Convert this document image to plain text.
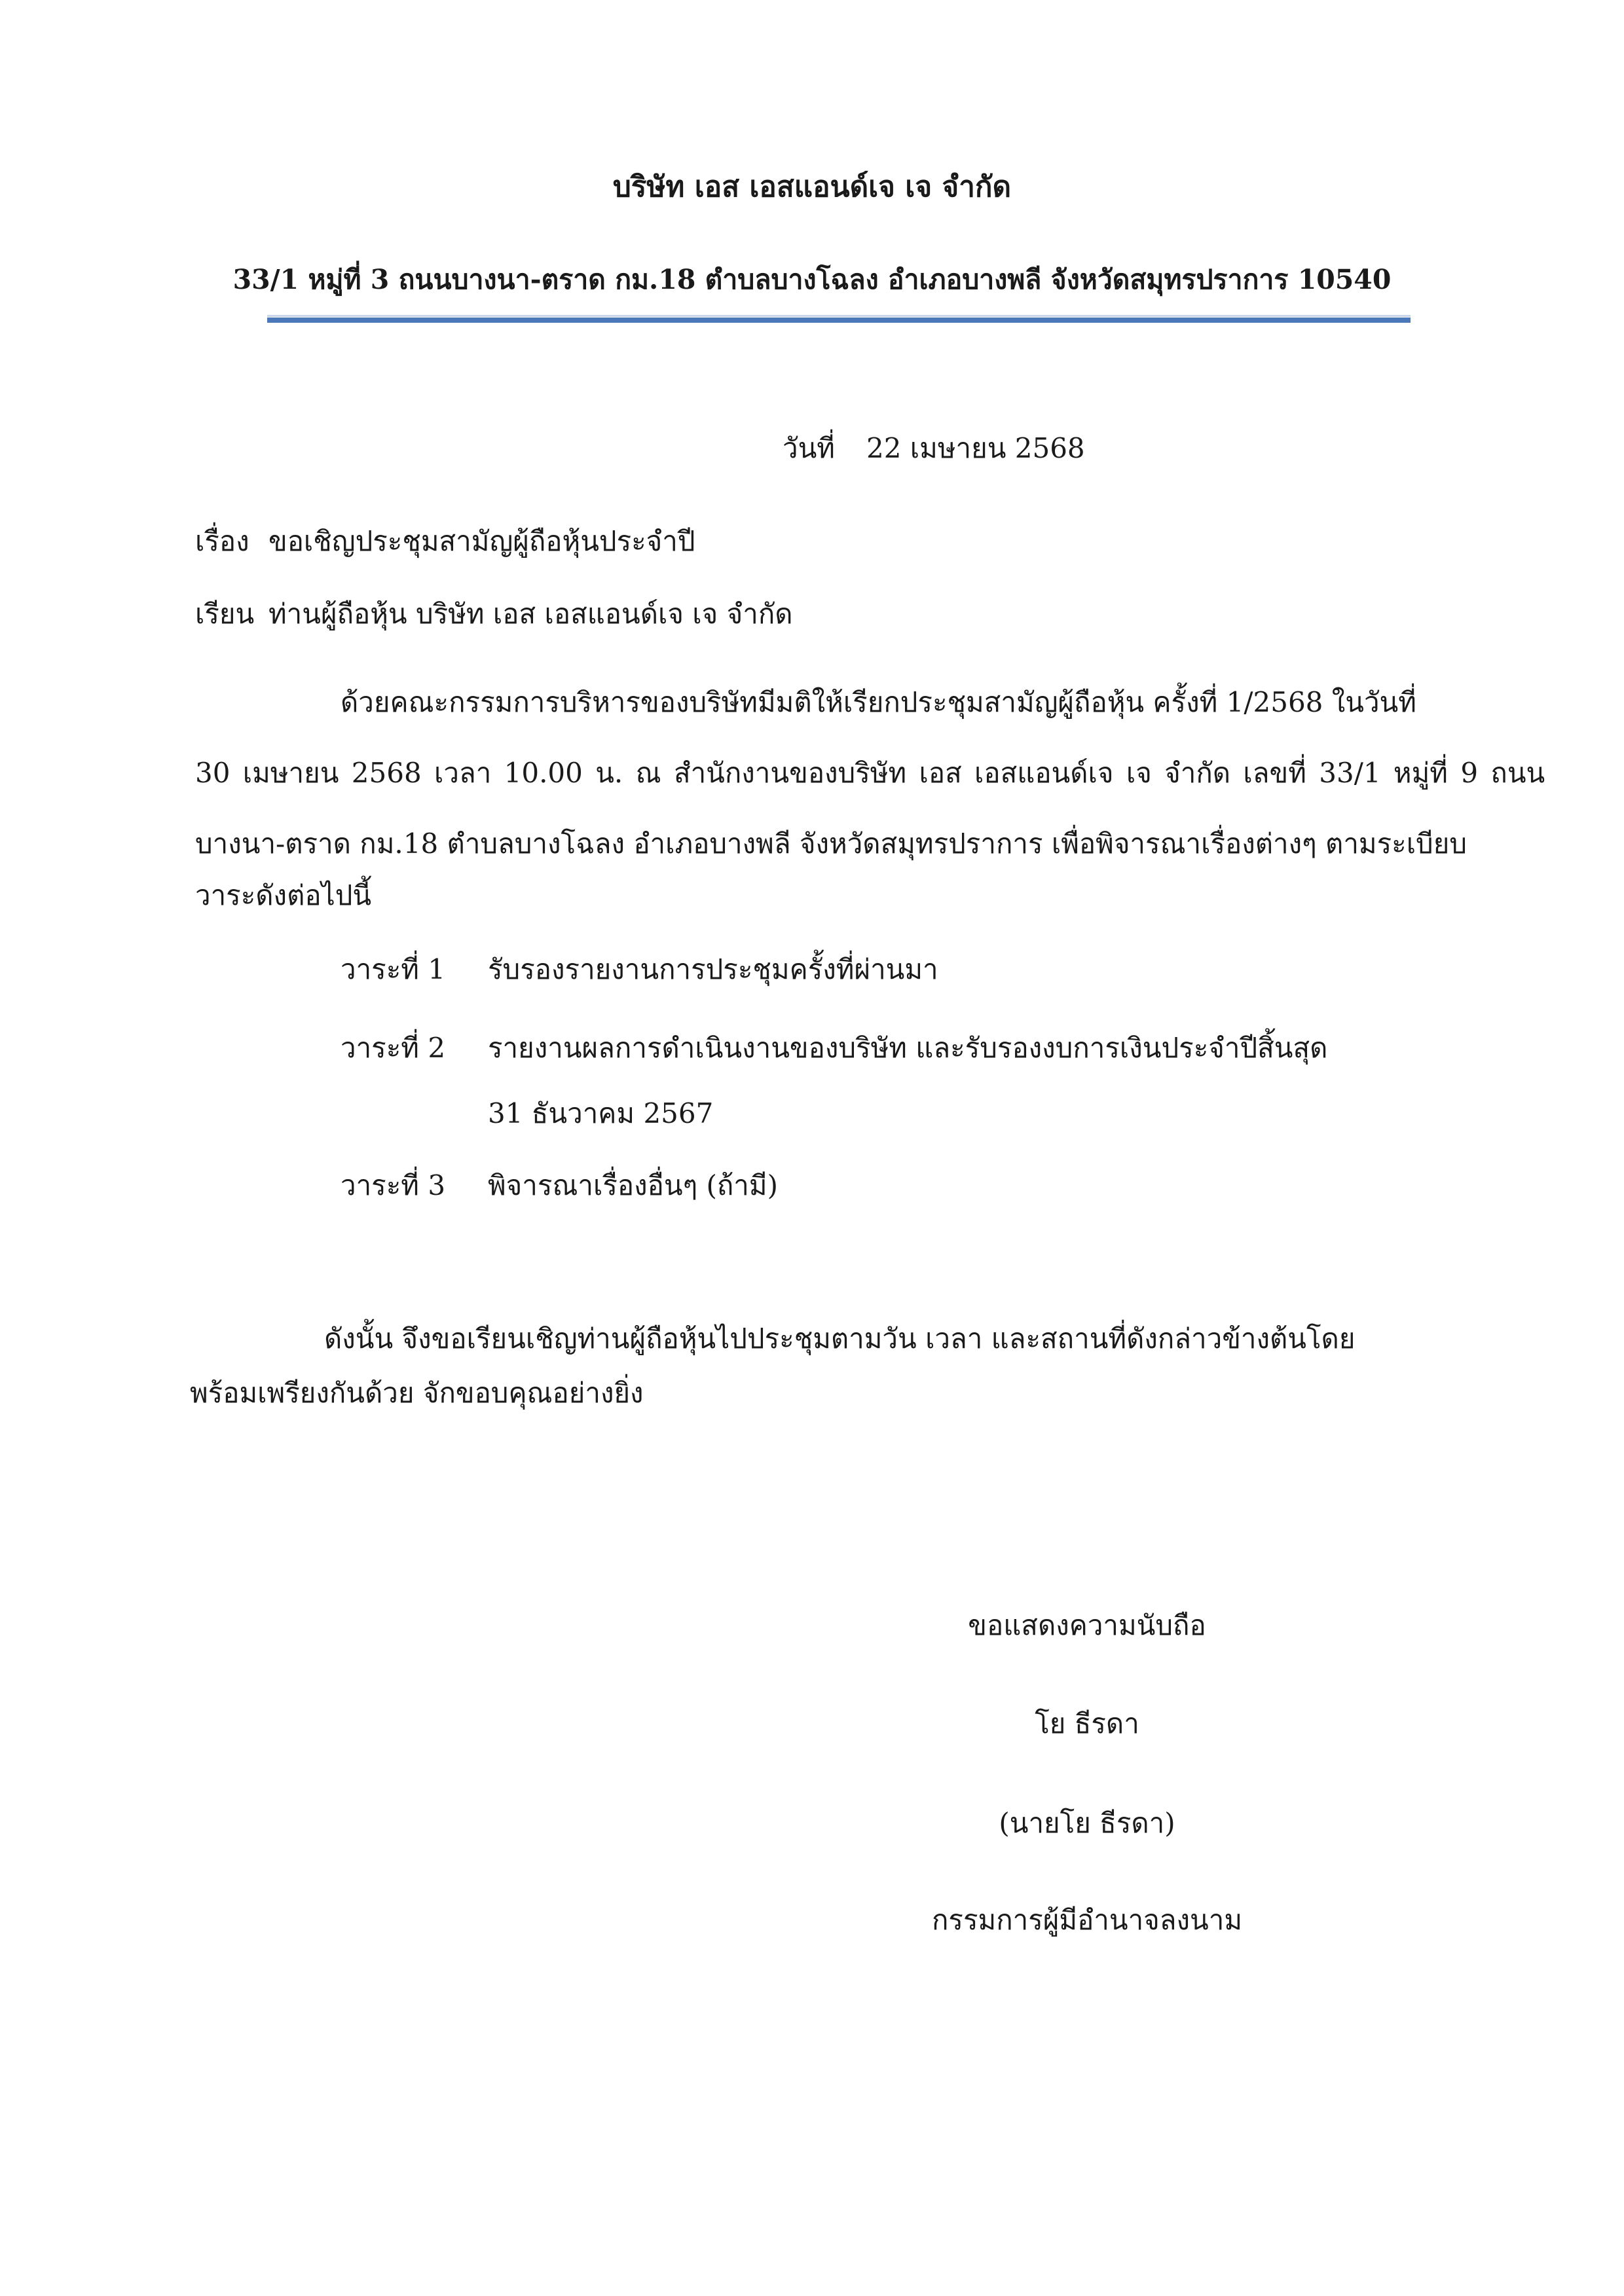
บริษัท เอส เอสแอนด์เจ เจ จำกัด
33/1 หมู่ที่ 3 ถนนบางนา-ตราด กม.18 ตำบลบางโฉลง อำเภอบางพลี จังหวัดสมุทรปราการ 10540
วันที่ 22 เมษายน 2568
เรื่อง ขอเชิญประชุมสามัญผู้ถือหุ้นประจำปี
เรียน ท่านผู้ถือหุ้น บริษัท เอส เอสแอนด์เจ เจ จำกัด
ด้วยคณะกรรมการบริหารของบริษัทมีมติให้เรียกประชุมสามัญผู้ถือหุ้น ครั้งที่ 1/2568 ในวันที่
30 เมษายน 2568 เวลา 10.00 น. ณ สำนักงานของบริษัท เอส เอสแอนด์เจ เจ จำกัด เลขที่ 33/1 หมู่ที่ 9 ถนน
บางนา-ตราด กม.18 ตำบลบางโฉลง อำเภอบางพลี จังหวัดสมุทรปราการ เพื่อพิจารณาเรื่องต่างๆ ตามระเบียบ
วาระดังต่อไปนี้
วาระที่ 1 รับรองรายงานการประชุมครั้งที่ผ่านมา
วาระที่ 2 รายงานผลการดำเนินงานของบริษัท และรับรองงบการเงินประจำปีสิ้นสุด
31 ธันวาคม 2567
วาระที่ 3 พิจารณาเรื่องอื่นๆ (ถ้ามี)
ดังนั้น จึงขอเรียนเชิญท่านผู้ถือหุ้นไปประชุมตามวัน เวลา และสถานที่ดังกล่าวข้างต้นโดย
พร้อมเพรียงกันด้วย จักขอบคุณอย่างยิ่ง
ขอแสดงความนับถือ
โย ธีรดา
(นายโย ธีรดา)
กรรมการผู้มีอำนาจลงนาม
